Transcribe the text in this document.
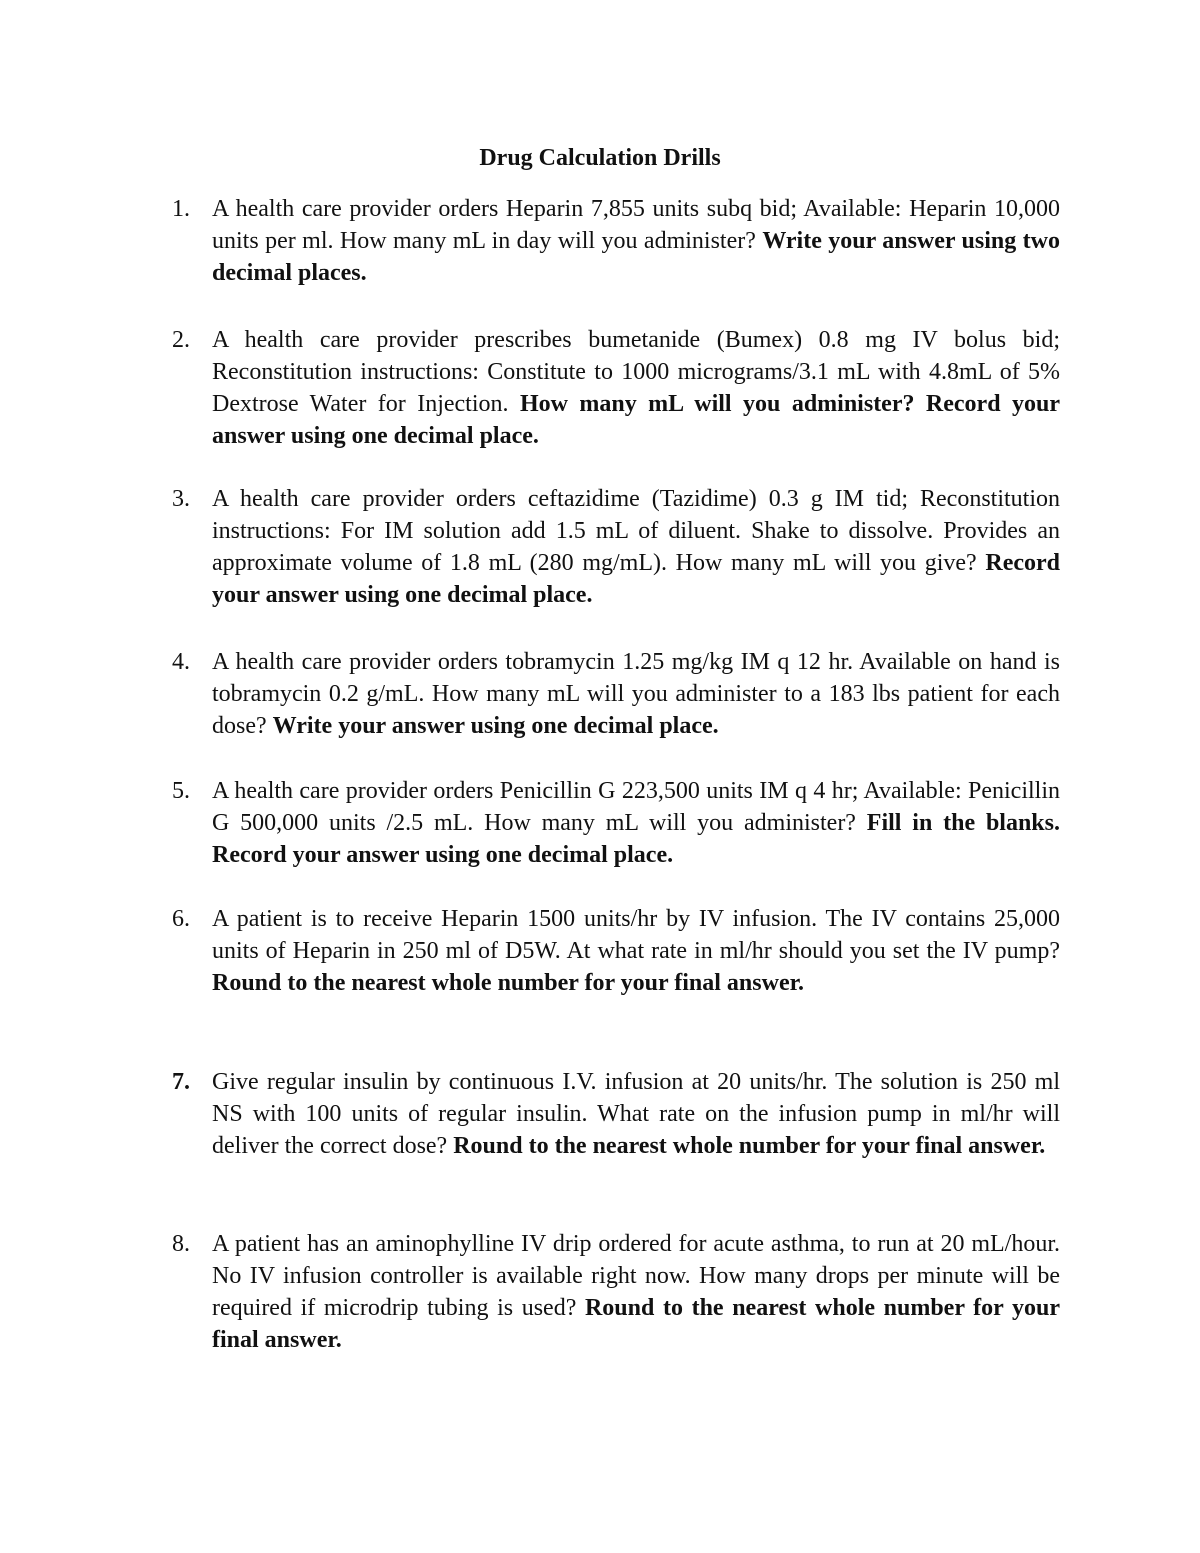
Drug Calculation Drills
1. A health care provider orders Heparin 7,855 units subq bid; Available: Heparin 10,000 units per ml. How many mL in day will you administer? Write your answer using two decimal places.
2. A health care provider prescribes bumetanide (Bumex) 0.8 mg IV bolus bid; Reconstitution instructions: Constitute to 1000 micrograms/3.1 mL with 4.8mL of 5% Dextrose Water for Injection. How many mL will you administer? Record your answer using one decimal place.
3. A health care provider orders ceftazidime (Tazidime) 0.3 g IM tid; Reconstitution instructions: For IM solution add 1.5 mL of diluent. Shake to dissolve. Provides an approximate volume of 1.8 mL (280 mg/mL). How many mL will you give? Record your answer using one decimal place.
4. A health care provider orders tobramycin 1.25 mg/kg IM q 12 hr. Available on hand is tobramycin 0.2 g/mL. How many mL will you administer to a 183 lbs patient for each dose? Write your answer using one decimal place.
5. A health care provider orders Penicillin G 223,500 units IM q 4 hr; Available: Penicillin G 500,000 units /2.5 mL. How many mL will you administer? Fill in the blanks. Record your answer using one decimal place.
6. A patient is to receive Heparin 1500 units/hr by IV infusion. The IV contains 25,000 units of Heparin in 250 ml of D5W. At what rate in ml/hr should you set the IV pump? Round to the nearest whole number for your final answer.
7. Give regular insulin by continuous I.V. infusion at 20 units/hr. The solution is 250 ml NS with 100 units of regular insulin. What rate on the infusion pump in ml/hr will deliver the correct dose? Round to the nearest whole number for your final answer.
8. A patient has an aminophylline IV drip ordered for acute asthma, to run at 20 mL/hour. No IV infusion controller is available right now. How many drops per minute will be required if microdrip tubing is used? Round to the nearest whole number for your final answer.
